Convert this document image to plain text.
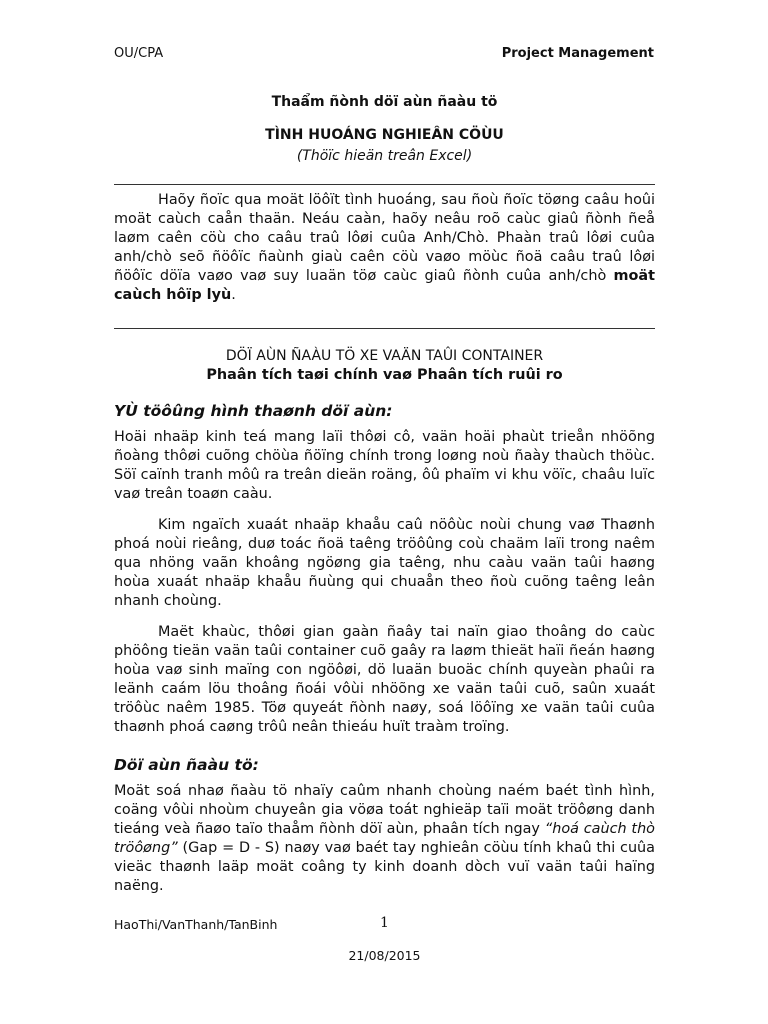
OU/CPA	Project Management
Thaẩm ñònh döï aùn ñaàu tö
TÌNH HUOÁNG NGHIEÂN CÖÙU
(Thöïc hieän treân Excel)
Haõy ñoïc qua moät löôït tình huoáng, sau ñoù ñoïc töøng caâu hoûi moät caùch caån thaän. Neáu caàn, haõy neâu roõ caùc giaû ñònh ñeå laøm caên cöù cho caâu traû lôøi cuûa Anh/Chò. Phaàn traû lôøi cuûa anh/chò seõ ñöôïc ñaùnh giaù caên cöù vaøo möùc ñoä caâu traû lôøi ñöôïc döïa vaøo vaø suy luaän töø caùc giaû ñònh cuûa anh/chò moät caùch hôïp lyù.
DÖÏ AÙN ÑAÀU TÖ XE VAÄN TAÛI CONTAINER
Phaân tích taøi chính vaø Phaân tích ruûi ro
YÙ töôûng hình thaønh döï aùn:
Hoäi nhaäp kinh teá mang laïi thôøi cô, vaän hoäi phaùt trieån nhöõng ñoàng thôøi cuõng chöùa ñöïng chính trong loøng noù ñaày thaùch thöùc. Söï caïnh tranh môû ra treân dieän roäng, ôû phaïm vi khu vöïc, chaâu luïc vaø treân toaøn caàu.
Kim ngaïch xuaát nhaäp khaåu caû nöôùc noùi chung vaø Thaønh phoá noùi rieâng, duø toác ñoä taêng tröôûng coù chaäm laïi trong naêm qua nhöng vaãn khoâng ngöøng gia taêng, nhu caàu vaän taûi haøng hoùa xuaát nhaäp khaåu ñuùng qui chuaån theo ñoù cuõng taêng leân nhanh choùng.
Maët khaùc, thôøi gian gaàn ñaây tai naïn giao thoâng do caùc phöông tieän vaän taûi container cuõ gaây ra laøm thieät haïi ñeán haøng hoùa vaø sinh maïng con ngöôøi, dö luaän buoäc chính quyeàn phaûi ra leänh caám löu thoâng ñoái vôùi nhöõng xe vaän taûi cuõ, saûn xuaát tröôùc naêm 1985. Töø quyeát ñònh naøy, soá löôïng xe vaän taûi cuûa thaønh phoá caøng trôû neân thieáu huït traàm troïng.
Döï aùn ñaàu tö:
Moät soá nhaø ñaàu tö nhaïy caûm nhanh choùng naém baét tình hình, coäng vôùi nhoùm chuyeân gia vöøa toát nghieäp taïi moät tröôøng danh tieáng veà ñaøo taïo thaåm ñònh döï aùn, phaân tích ngay “hoá caùch thò tröôøng” (Gap = D - S) naøy vaø baét tay nghieân cöùu tính khaû thi cuûa vieäc thaønh laäp moät coâng ty kinh doanh dòch vuï vaän taûi haïng naëng.
HaoThi/VanThanh/TanBinh	1
21/08/2015
